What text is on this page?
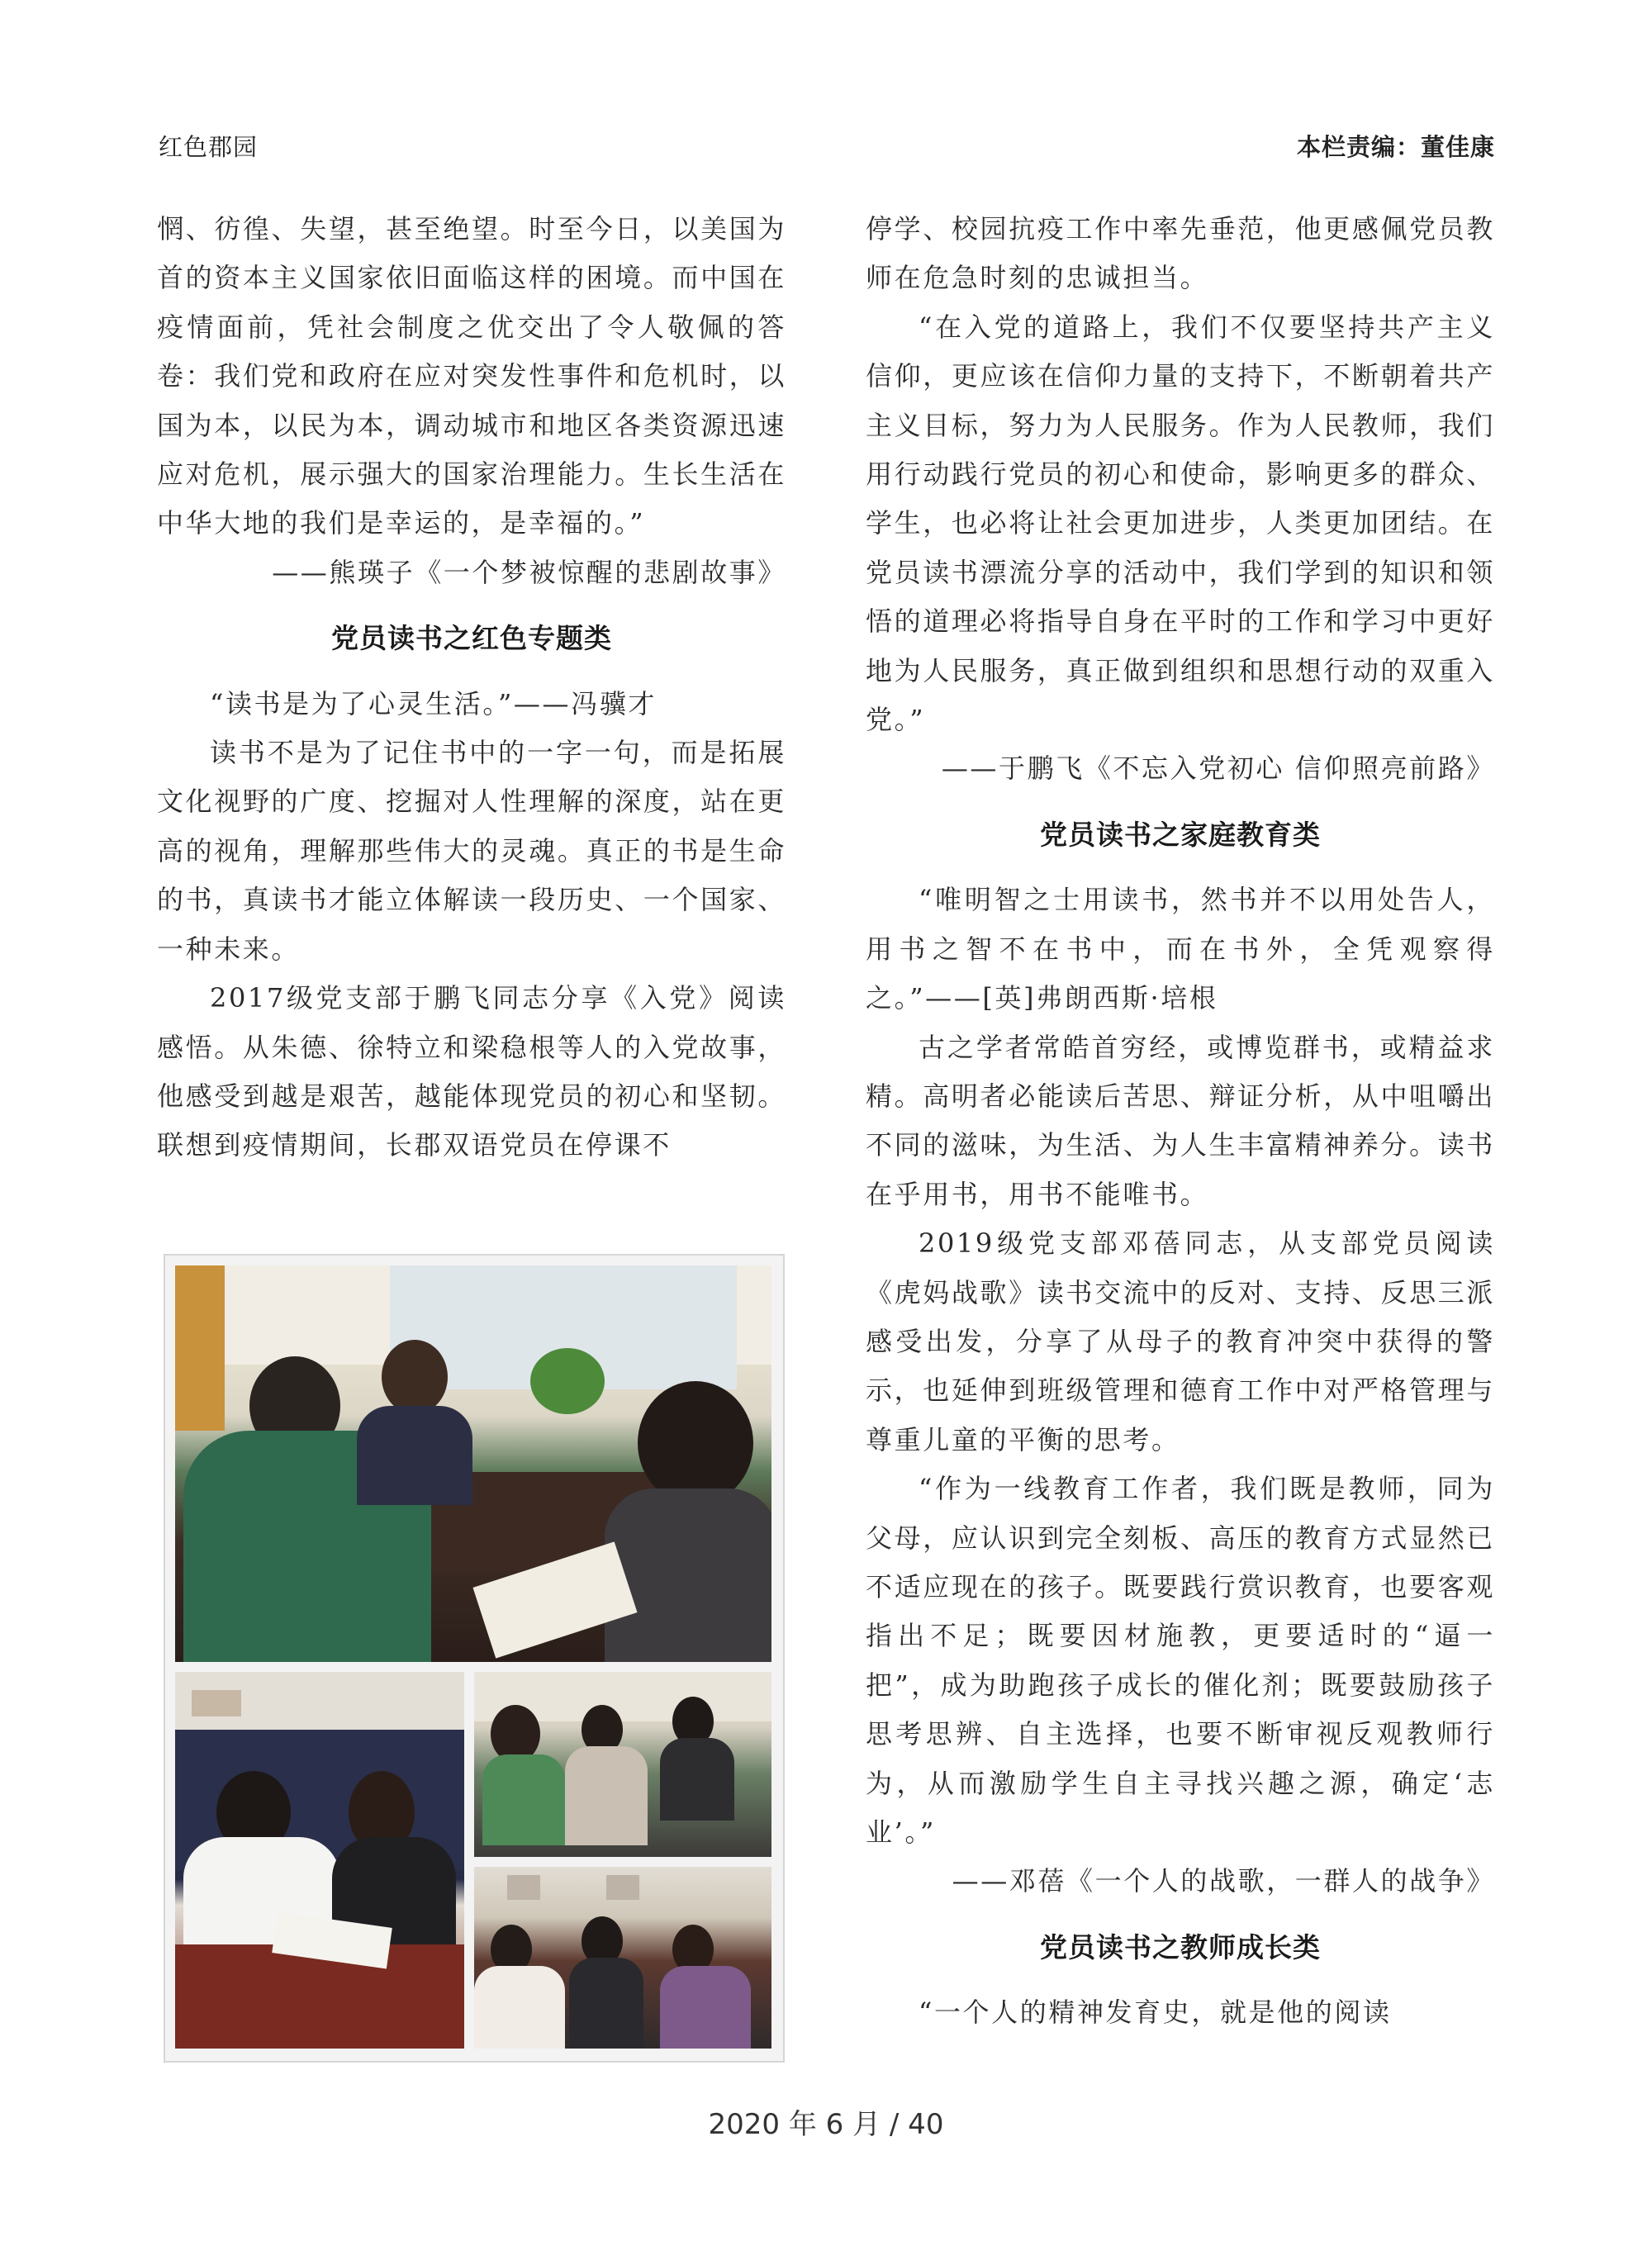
红色郡园	本栏责编：董佳康

惘、彷徨、失望，甚至绝望。时至今日，以美国为首的资本主义国家依旧面临这样的困境。而中国在疫情面前，凭社会制度之优交出了令人敬佩的答卷：我们党和政府在应对突发性事件和危机时，以国为本，以民为本，调动城市和地区各类资源迅速应对危机，展示强大的国家治理能力。生长生活在中华大地的我们是幸运的，是幸福的。”

——熊瑛子《一个梦被惊醒的悲剧故事》

党员读书之红色专题类

“读书是为了心灵生活。”——冯骥才

读书不是为了记住书中的一字一句，而是拓展文化视野的广度、挖掘对人性理解的深度，站在更高的视角，理解那些伟大的灵魂。真正的书是生命的书，真读书才能立体解读一段历史、一个国家、一种未来。

2017级党支部于鹏飞同志分享《入党》阅读感悟。从朱德、徐特立和梁稳根等人的入党故事，他感受到越是艰苦，越能体现党员的初心和坚韧。联想到疫情期间，长郡双语党员在停课不

停学、校园抗疫工作中率先垂范，他更感佩党员教师在危急时刻的忠诚担当。

“在入党的道路上，我们不仅要坚持共产主义信仰，更应该在信仰力量的支持下，不断朝着共产主义目标，努力为人民服务。作为人民教师，我们用行动践行党员的初心和使命，影响更多的群众、学生，也必将让社会更加进步，人类更加团结。在党员读书漂流分享的活动中，我们学到的知识和领悟的道理必将指导自身在平时的工作和学习中更好地为人民服务，真正做到组织和思想行动的双重入党。”

——于鹏飞《不忘入党初心 信仰照亮前路》

党员读书之家庭教育类

“唯明智之士用读书，然书并不以用处告人，用书之智不在书中，而在书外，全凭观察得之。”——[英]弗朗西斯·培根

古之学者常皓首穷经，或博览群书，或精益求精。高明者必能读后苦思、辩证分析，从中咀嚼出不同的滋味，为生活、为人生丰富精神养分。读书在乎用书，用书不能唯书。

2019级党支部邓蓓同志，从支部党员阅读《虎妈战歌》读书交流中的反对、支持、反思三派感受出发，分享了从母子的教育冲突中获得的警示，也延伸到班级管理和德育工作中对严格管理与尊重儿童的平衡的思考。

“作为一线教育工作者，我们既是教师，同为父母，应认识到完全刻板、高压的教育方式显然已不适应现在的孩子。既要践行赏识教育，也要客观指出不足；既要因材施教，更要适时的“逼一把”，成为助跑孩子成长的催化剂；既要鼓励孩子思考思辨、自主选择，也要不断审视反观教师行为，从而激励学生自主寻找兴趣之源，确定‘志业’。”

——邓蓓《一个人的战歌，一群人的战争》

党员读书之教师成长类

“一个人的精神发育史，就是他的阅读

2020 年 6 月 / 40
